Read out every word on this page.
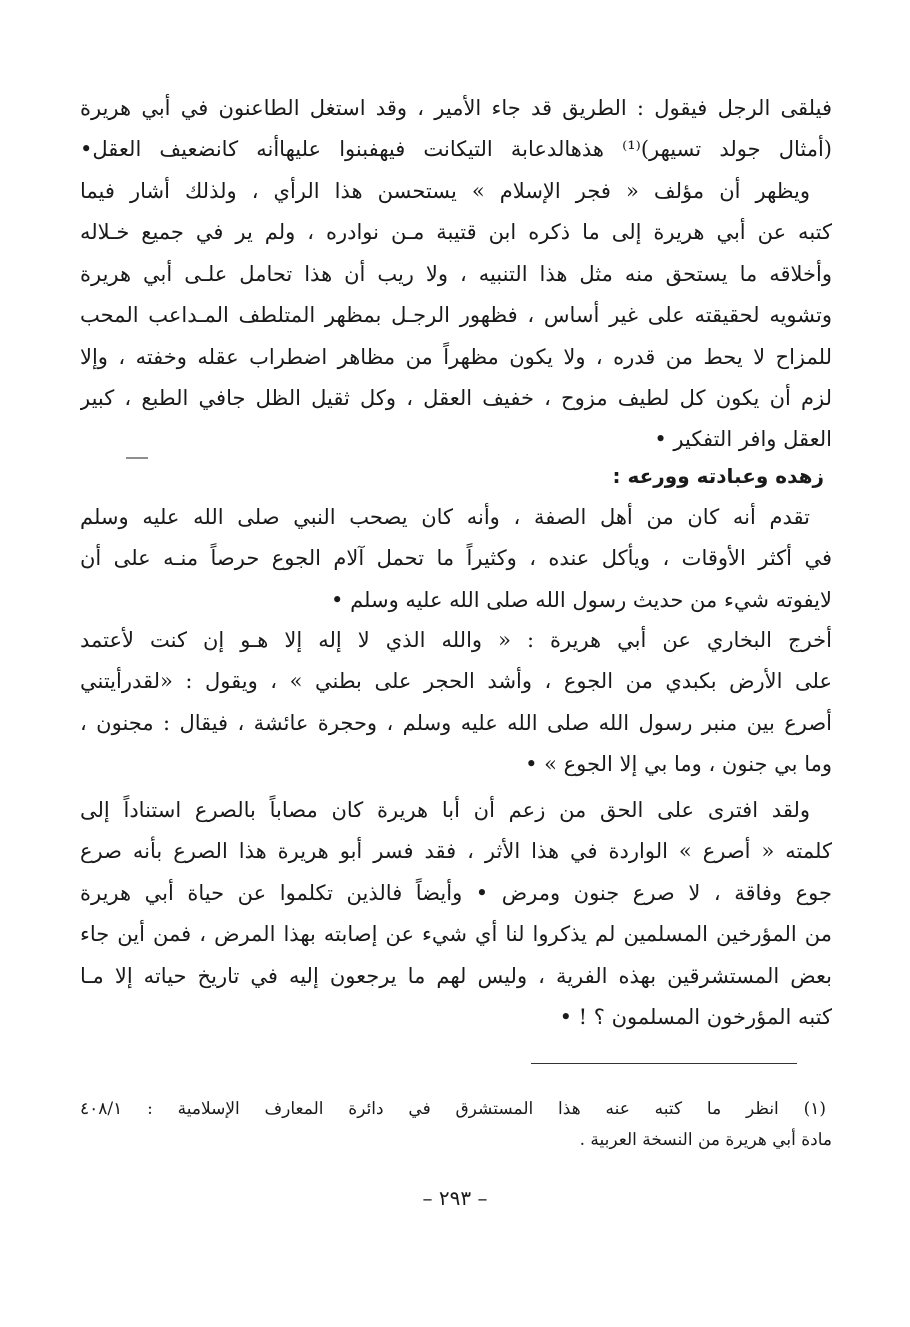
فيلقى الرجل فيقول : الطريق قد جاء الأمير ، وقد استغل الطاعنون في أبي هريرة
(أمثال جولد تسيهر)⁽¹⁾ هذهالدعابة التيكانت فيهفبنوا عليهاأنه كانضعيف العقل•

ويظهر أن مؤلف « فجر الإسلام » يستحسن هذا الرأي ، ولذلك أشار فيما
كتبه عن أبي هريرة إلى ما ذكره ابن قتيبة مـن نوادره ، ولم ير في جميع خـلاله
وأخلاقه ما يستحق منه مثل هذا التنبيه ، ولا ريب أن هذا تحامل علـى أبي هريرة
وتشويه لحقيقته على غير أساس ، فظهور الرجـل بمظهر المتلطف المـداعب المحب
للمزاح لا يحط من قدره ، ولا يكون مظهراً من مظاهر اضطراب عقله وخفته ، وإلا
لزم أن يكون كل لطيف مزوح ، خفيف العقل ، وكل ثقيل الظل جافي الطبع ، كبير
العقل وافر التفكير •

زهده وعبادته وورعه :

تقدم أنه كان من أهل الصفة ، وأنه كان يصحب النبي صلى الله عليه وسلم
في أكثر الأوقات ، ويأكل عنده ، وكثيراً ما تحمل آلام الجوع حرصاً منـه على أن
لايفوته شيء من حديث رسول الله صلى الله عليه وسلم •

أخرج البخاري عن أبي هريرة : « والله الذي لا إله إلا هـو إن كنت لأعتمد
على الأرض بكبدي من الجوع ، وأشد الحجر على بطني » ، ويقول : «لقدرأيتني
أصرع بين منبر رسول الله صلى الله عليه وسلم ، وحجرة عائشة ، فيقال : مجنون ،
وما بي جنون ، وما بي إلا الجوع » •

ولقد افترى على الحق من زعم أن أبا هريرة كان مصاباً بالصرع استناداً إلى
كلمته « أصرع » الواردة في هذا الأثر ، فقد فسر أبو هريرة هذا الصرع بأنه صرع
جوع وفاقة ، لا صرع جنون ومرض • وأيضاً فالذين تكلموا عن حياة أبي هريرة
من المؤرخين المسلمين لم يذكروا لنا أي شيء عن إصابته بهذا المرض ، فمن أين جاء
بعض المستشرقين بهذه الفرية ، وليس لهم ما يرجعون إليه في تاريخ حياته إلا مـا
كتبه المؤرخون المسلمون ؟ ! •

(١) انظر ما كتبه عنه هذا المستشرق في دائرة المعارف الإسلامية : ٤٠٨/١
مادة أبي هريرة من النسخة العربية .
– ٢٩٣ –
